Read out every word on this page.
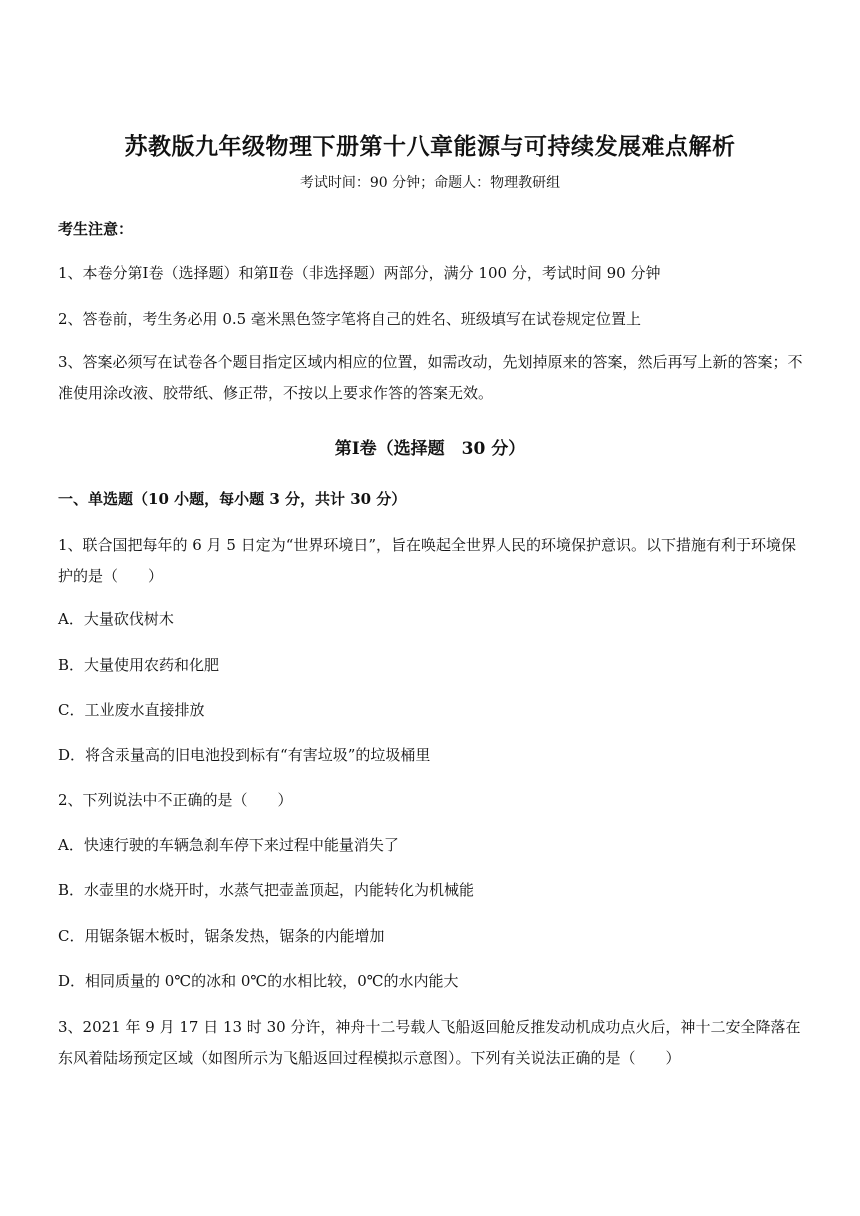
苏教版九年级物理下册第十八章能源与可持续发展难点解析
考试时间：90 分钟；命题人：物理教研组
考生注意：
1、本卷分第Ⅰ卷（选择题）和第Ⅱ卷（非选择题）两部分，满分 100 分，考试时间 90 分钟
2、答卷前，考生务必用 0.5 毫米黑色签字笔将自己的姓名、班级填写在试卷规定位置上
3、答案必须写在试卷各个题目指定区域内相应的位置，如需改动，先划掉原来的答案，然后再写上新的答案；不准使用涂改液、胶带纸、修正带，不按以上要求作答的答案无效。
第Ⅰ卷（选择题　30 分）
一、单选题（10 小题，每小题 3 分，共计 30 分）
1、联合国把每年的 6 月 5 日定为“世界环境日”，旨在唤起全世界人民的环境保护意识。以下措施有利于环境保护的是（　　）
A．大量砍伐树木
B．大量使用农药和化肥
C．工业废水直接排放
D．将含汞量高的旧电池投到标有“有害垃圾”的垃圾桶里
2、下列说法中不正确的是（　　）
A．快速行驶的车辆急刹车停下来过程中能量消失了
B．水壶里的水烧开时，水蒸气把壶盖顶起，内能转化为机械能
C．用锯条锯木板时，锯条发热，锯条的内能增加
D．相同质量的 0℃的冰和 0℃的水相比较，0℃的水内能大
3、2021 年 9 月 17 日 13 时 30 分许，神舟十二号载人飞船返回舱反推发动机成功点火后，神十二安全降落在东风着陆场预定区域（如图所示为飞船返回过程模拟示意图）。下列有关说法正确的是（　　）
